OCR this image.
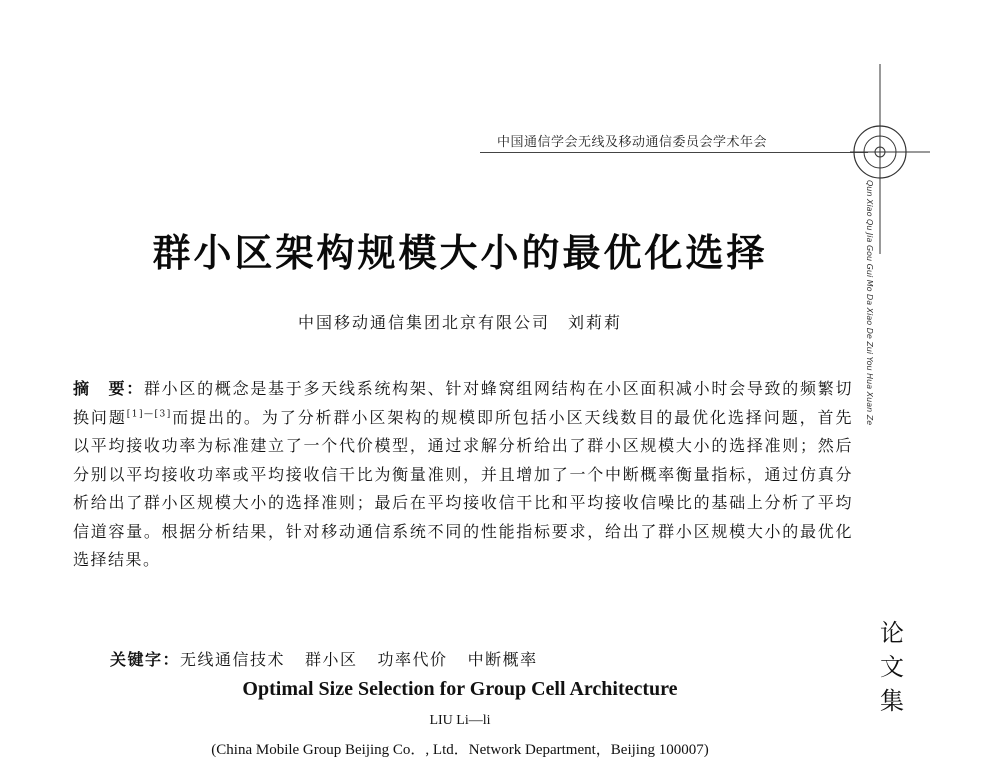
中国通信学会无线及移动通信委员会学术年会
Qun Xiao Qu Jia Gou Gui Mo Da Xiao De Zui You Hua Xuan Ze
论
文
集
群小区架构规模大小的最优化选择
中国移动通信集团北京有限公司　刘莉莉
摘　要：群小区的概念是基于多天线系统构架、针对蜂窝组网结构在小区面积减小时会导致的频繁切换问题[1]—[3]而提出的。为了分析群小区架构的规模即所包括小区天线数目的最优化选择问题，首先以平均接收功率为标准建立了一个代价模型，通过求解分析给出了群小区规模大小的选择准则；然后分别以平均接收功率或平均接收信干比为衡量准则，并且增加了一个中断概率衡量指标，通过仿真分析给出了群小区规模大小的选择准则；最后在平均接收信干比和平均接收信噪比的基础上分析了平均信道容量。根据分析结果，针对移动通信系统不同的性能指标要求，给出了群小区规模大小的最优化选择结果。
关键字：无线通信技术 群小区 功率代价 中断概率
Optimal Size Selection for Group Cell Architecture
LIU Li—li
(China Mobile Group Beijing Co．, Ltd．Network Department，Beijing 100007)
